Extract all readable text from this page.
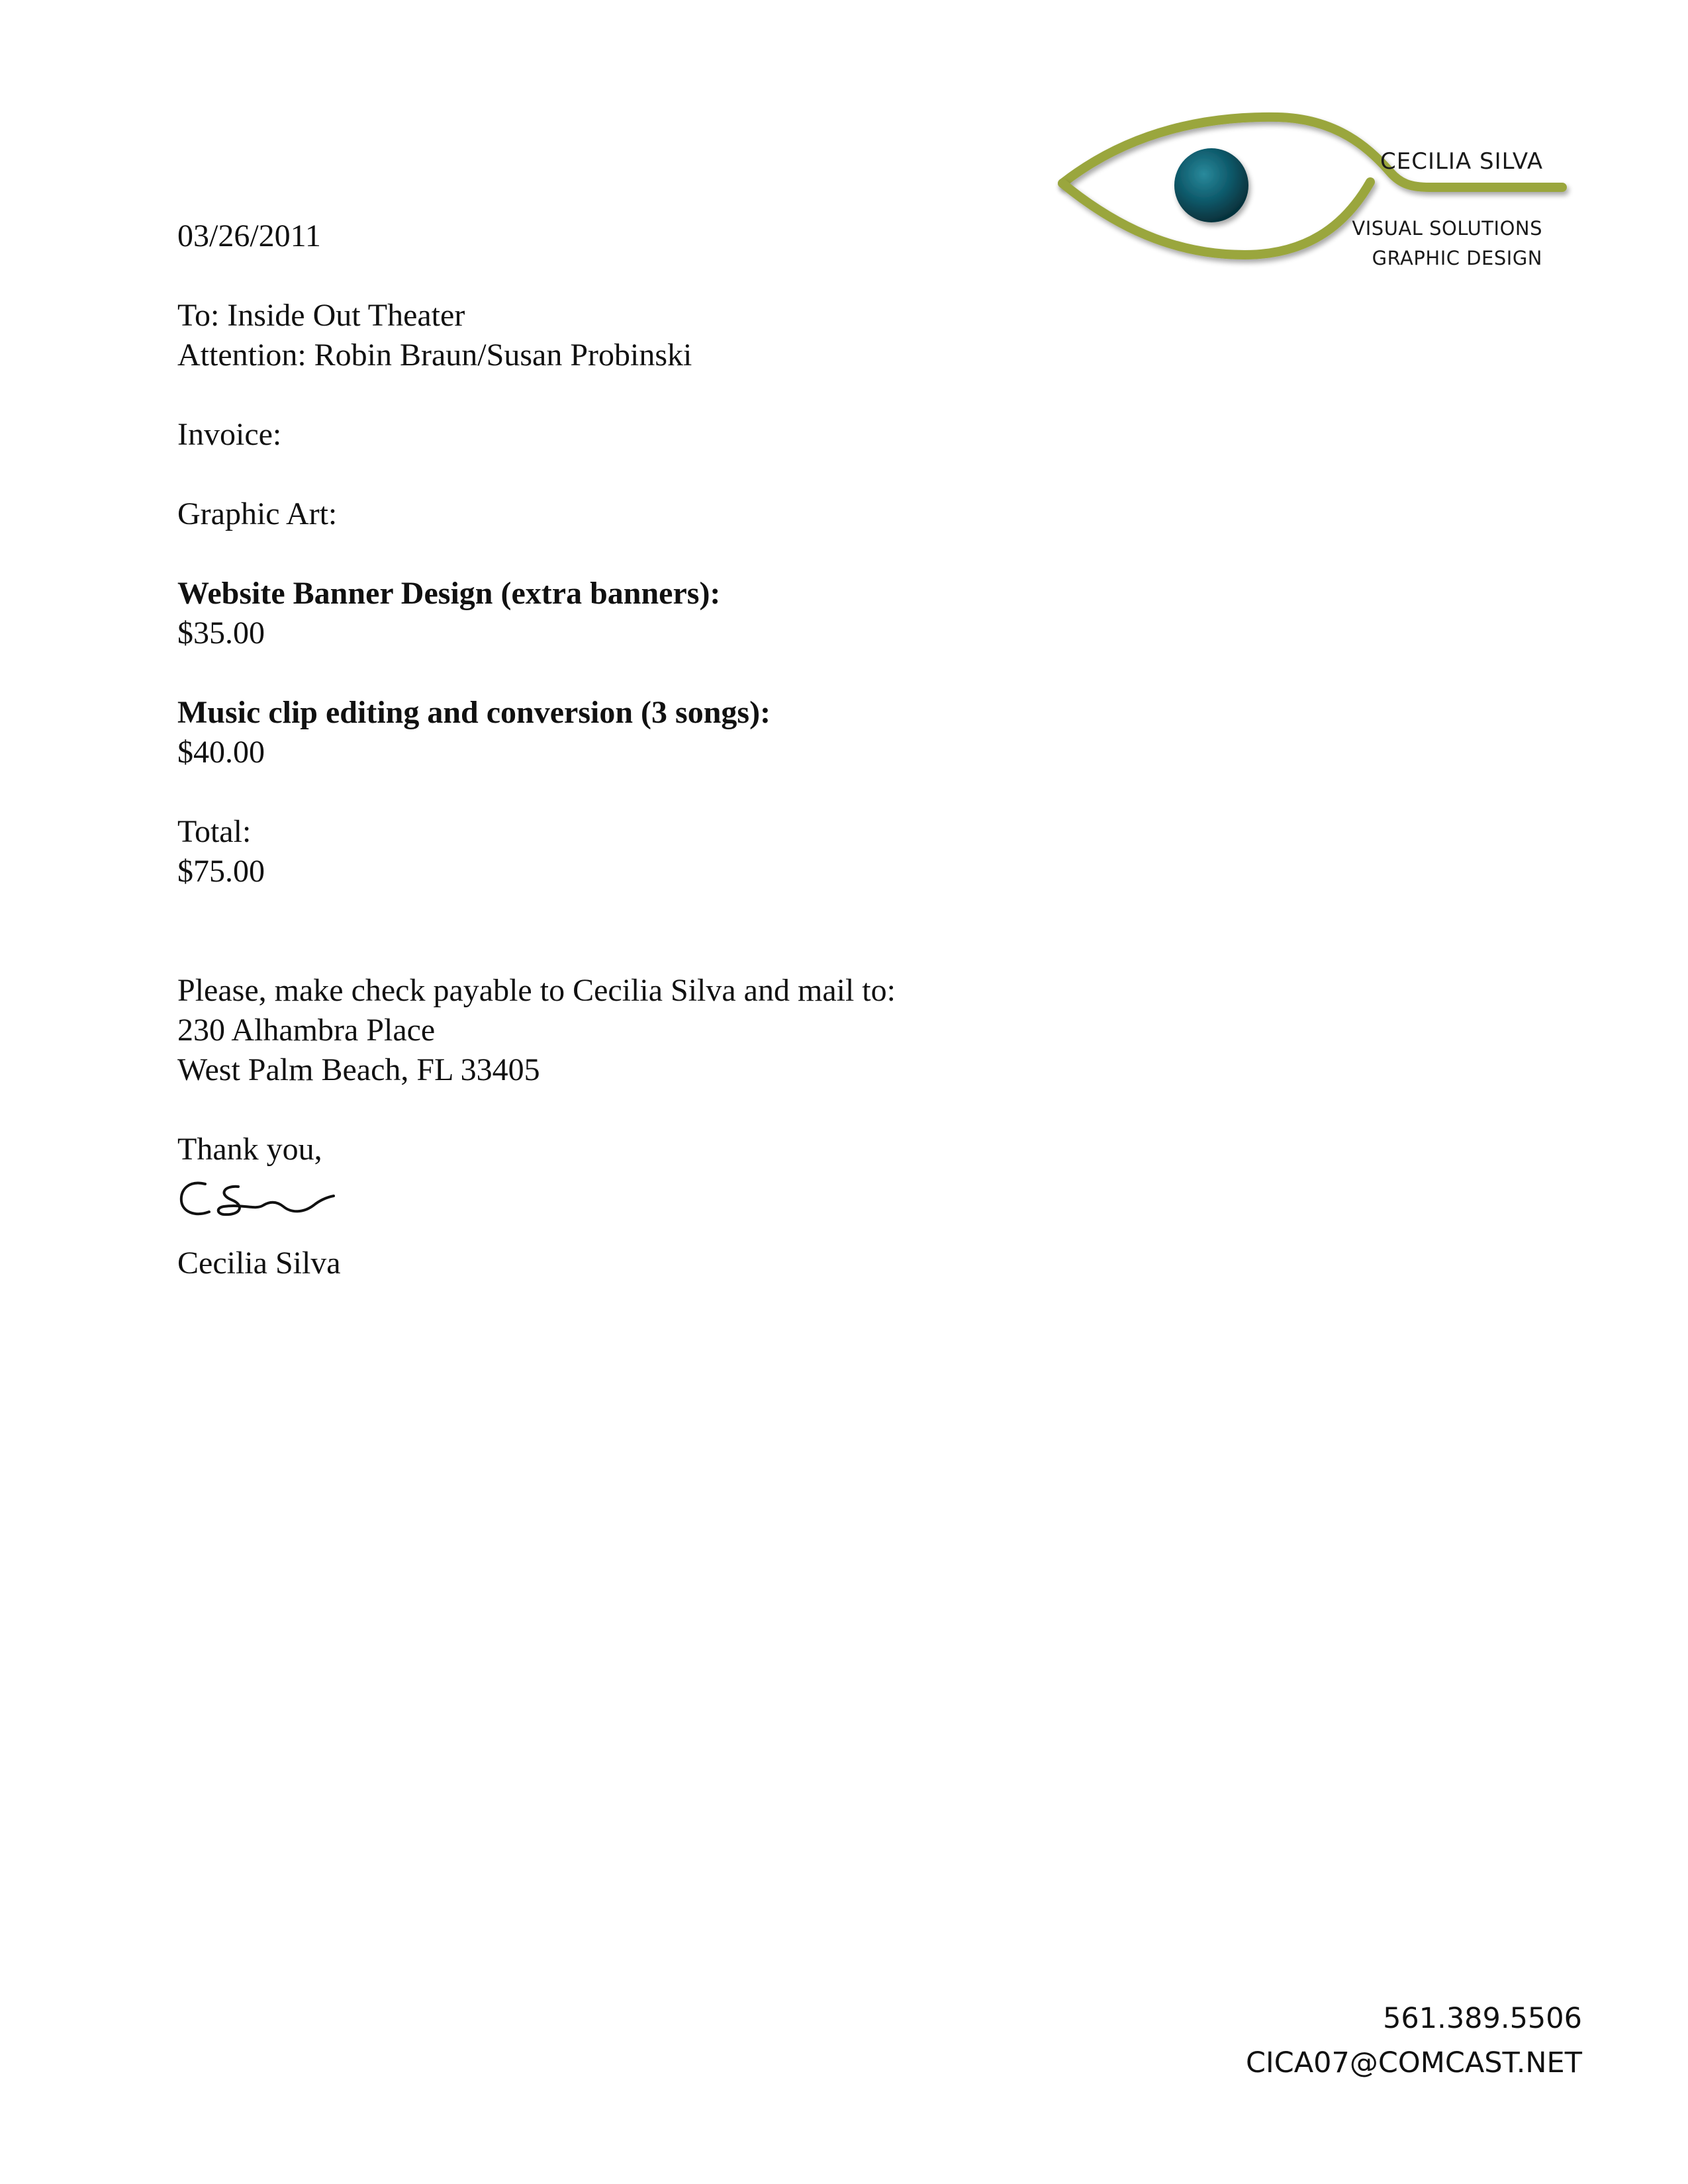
CECILIA SILVA
VISUAL SOLUTIONS
GRAPHIC DESIGN
03/26/2011
To: Inside Out Theater
Attention: Robin Braun/Susan Probinski
Invoice:
Graphic Art:
Website Banner Design (extra banners):
$35.00
Music clip editing and conversion (3 songs):
$40.00
Total:
$75.00
Please, make check payable to Cecilia Silva and mail to:
230 Alhambra Place
West Palm Beach, FL 33405
Thank you,
Cecilia Silva
561.389.5506
CICA07@COMCAST.NET
